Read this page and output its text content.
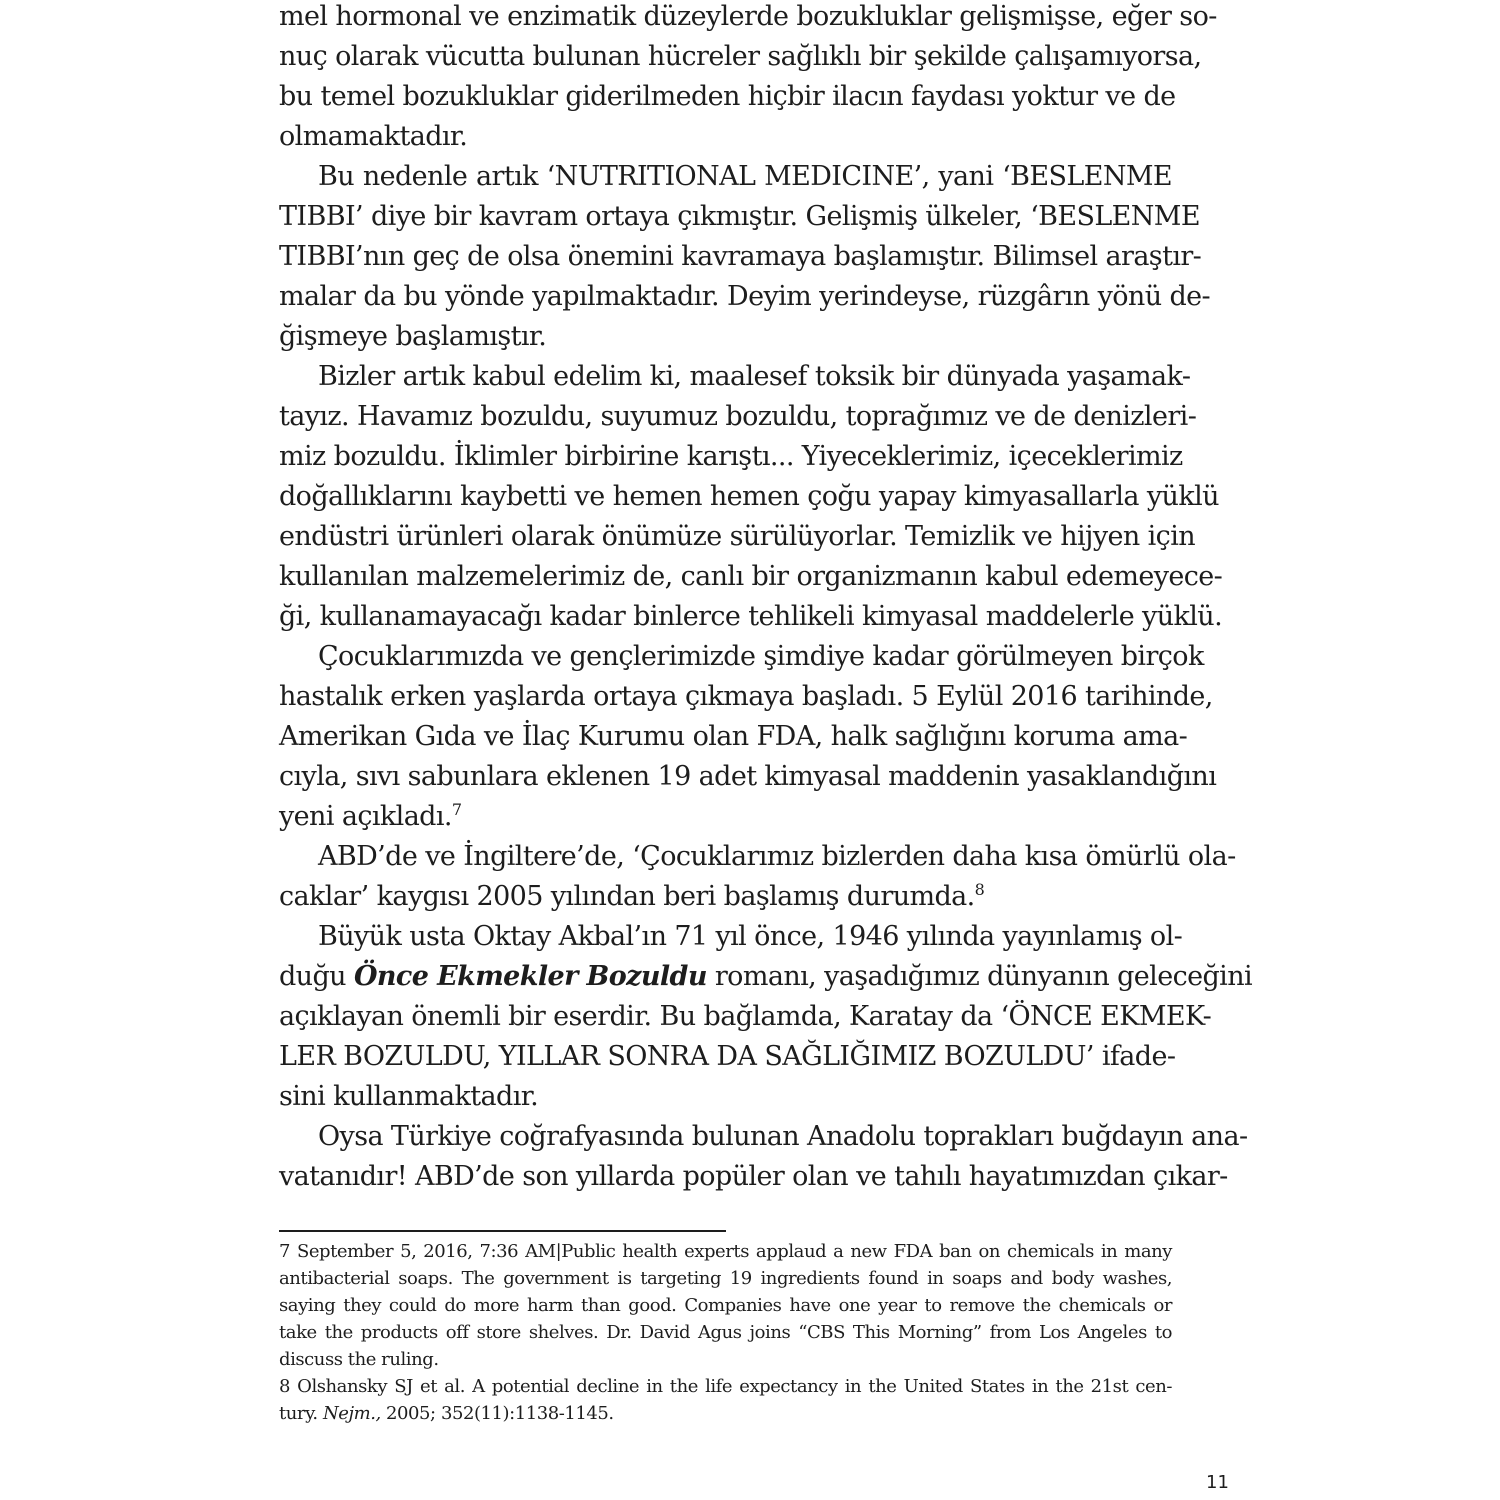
mel hormonal ve enzimatik düzeylerde bozukluklar gelişmişse, eğer so-
nuç olarak vücutta bulunan hücreler sağlıklı bir şekilde çalışamıyorsa,
bu temel bozukluklar giderilmeden hiçbir ilacın faydası yoktur ve de
olmamaktadır.
Bu nedenle artık ‘NUTRITIONAL MEDICINE’, yani ‘BESLENME
TIBBI’ diye bir kavram ortaya çıkmıştır. Gelişmiş ülkeler, ‘BESLENME
TIBBI’nın geç de olsa önemini kavramaya başlamıştır. Bilimsel araştır-
malar da bu yönde yapılmaktadır. Deyim yerindeyse, rüzgârın yönü de-
ğişmeye başlamıştır.
Bizler artık kabul edelim ki, maalesef toksik bir dünyada yaşamak-
tayız. Havamız bozuldu, suyumuz bozuldu, toprağımız ve de denizleri-
miz bozuldu. İklimler birbirine karıştı... Yiyeceklerimiz, içeceklerimiz
doğallıklarını kaybetti ve hemen hemen çoğu yapay kimyasallarla yüklü
endüstri ürünleri olarak önümüze sürülüyorlar. Temizlik ve hijyen için
kullanılan malzemelerimiz de, canlı bir organizmanın kabul edemeyece-
ği, kullanamayacağı kadar binlerce tehlikeli kimyasal maddelerle yüklü.
Çocuklarımızda ve gençlerimizde şimdiye kadar görülmeyen birçok
hastalık erken yaşlarda ortaya çıkmaya başladı. 5 Eylül 2016 tarihinde,
Amerikan Gıda ve İlaç Kurumu olan FDA, halk sağlığını koruma ama-
cıyla, sıvı sabunlara eklenen 19 adet kimyasal maddenin yasaklandığını
yeni açıkladı.$^7$
ABD’de ve İngiltere’de, ‘Çocuklarımız bizlerden daha kısa ömürlü ola-
caklar’ kaygısı 2005 yılından beri başlamış durumda.$^8$
Büyük usta Oktay Akbal’ın 71 yıl önce, 1946 yılında yayınlamış ol-
duğu Önce Ekmekler Bozuldu romanı, yaşadığımız dünyanın geleceğini
açıklayan önemli bir eserdir. Bu bağlamda, Karatay da ‘ÖNCE EKMEK-
LER BOZULDU, YILLAR SONRA DA SAĞLIĞIMIZ BOZULDU’ ifade-
sini kullanmaktadır.
Oysa Türkiye coğrafyasında bulunan Anadolu toprakları buğdayın ana-
vatanıdır! ABD’de son yıllarda popüler olan ve tahılı hayatımızdan çıkar-
7 September 5, 2016, 7:36 AM|Public health experts applaud a new FDA ban on chemicals in many
antibacterial soaps. The government is targeting 19 ingredients found in soaps and body washes,
saying they could do more harm than good. Companies have one year to remove the chemicals or
take the products off store shelves. Dr. David Agus joins “CBS This Morning” from Los Angeles to
discuss the ruling.
8 Olshansky SJ et al. A potential decline in the life expectancy in the United States in the 21st cen-
tury. Nejm., 2005; 352(11):1138-1145.
11
